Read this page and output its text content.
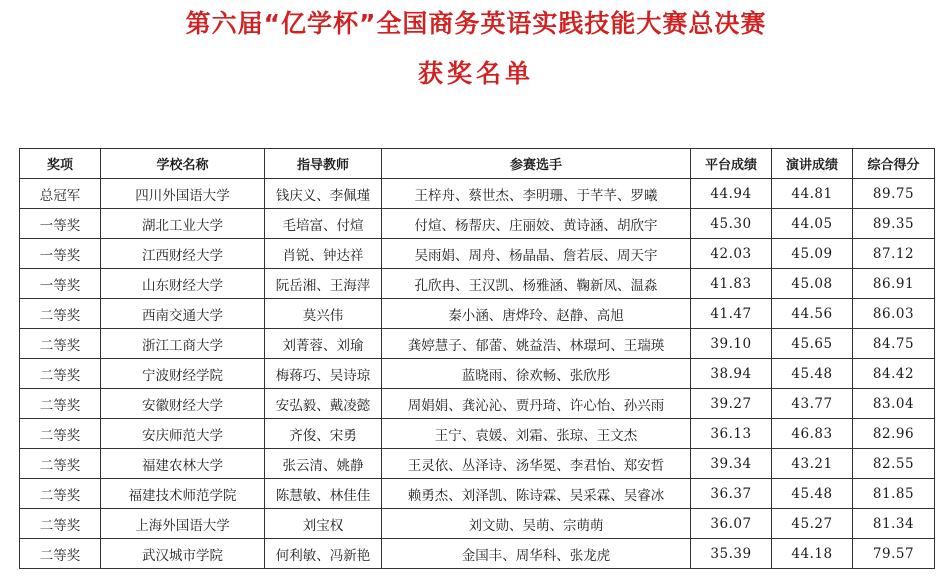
第六届“亿学杯”全国商务英语实践技能大赛总决赛
获奖名单
奖项	学校名称	指导教师	参赛选手	平台成绩	演讲成绩	综合得分
总冠军	四川外国语大学	钱庆义、李佩瑾	王梓舟、蔡世杰、李明珊、于芊芊、罗曦	44.94	44.81	89.75
一等奖	湖北工业大学	毛培富、付煊	付煊、杨帮庆、庄丽姣、黄诗涵、胡欣宇	45.30	44.05	89.35
一等奖	江西财经大学	肖锐、钟达祥	吴雨娟、周舟、杨晶晶、詹若辰、周天宇	42.03	45.09	87.12
一等奖	山东财经大学	阮岳湘、王海萍	孔欣冉、王汉凯、杨雅涵、鞠新凤、温淼	41.83	45.08	86.91
二等奖	西南交通大学	莫兴伟	秦小涵、唐烨玲、赵静、高旭	41.47	44.56	86.03
二等奖	浙江工商大学	刘菁蓉、刘瑜	龚婷慧子、郁蕾、姚益浩、林璟珂、王瑞瑛	39.10	45.65	84.75
二等奖	宁波财经学院	梅蒋巧、吴诗琼	蓝晓雨、徐欢畅、张欣彤	38.94	45.48	84.42
二等奖	安徽财经大学	安弘毅、戴凌懿	周娟娟、龚沁沁、贾丹琦、许心怡、孙兴雨	39.27	43.77	83.04
二等奖	安庆师范大学	齐俊、宋勇	王宁、袁媛、刘霜、张琼、王文杰	36.13	46.83	82.96
二等奖	福建农林大学	张云清、姚静	王灵依、丛泽诗、汤华冕、李君怡、郑安哲	39.34	43.21	82.55
二等奖	福建技术师范学院	陈慧敏、林佳佳	赖勇杰、刘泽凯、陈诗霖、吴采霖、吴睿冰	36.37	45.48	81.85
二等奖	上海外国语大学	刘宝权	刘文勋、吴萌、宗萌萌	36.07	45.27	81.34
二等奖	武汉城市学院	何利敏、冯新艳	金国丰、周华科、张龙虎	35.39	44.18	79.57
